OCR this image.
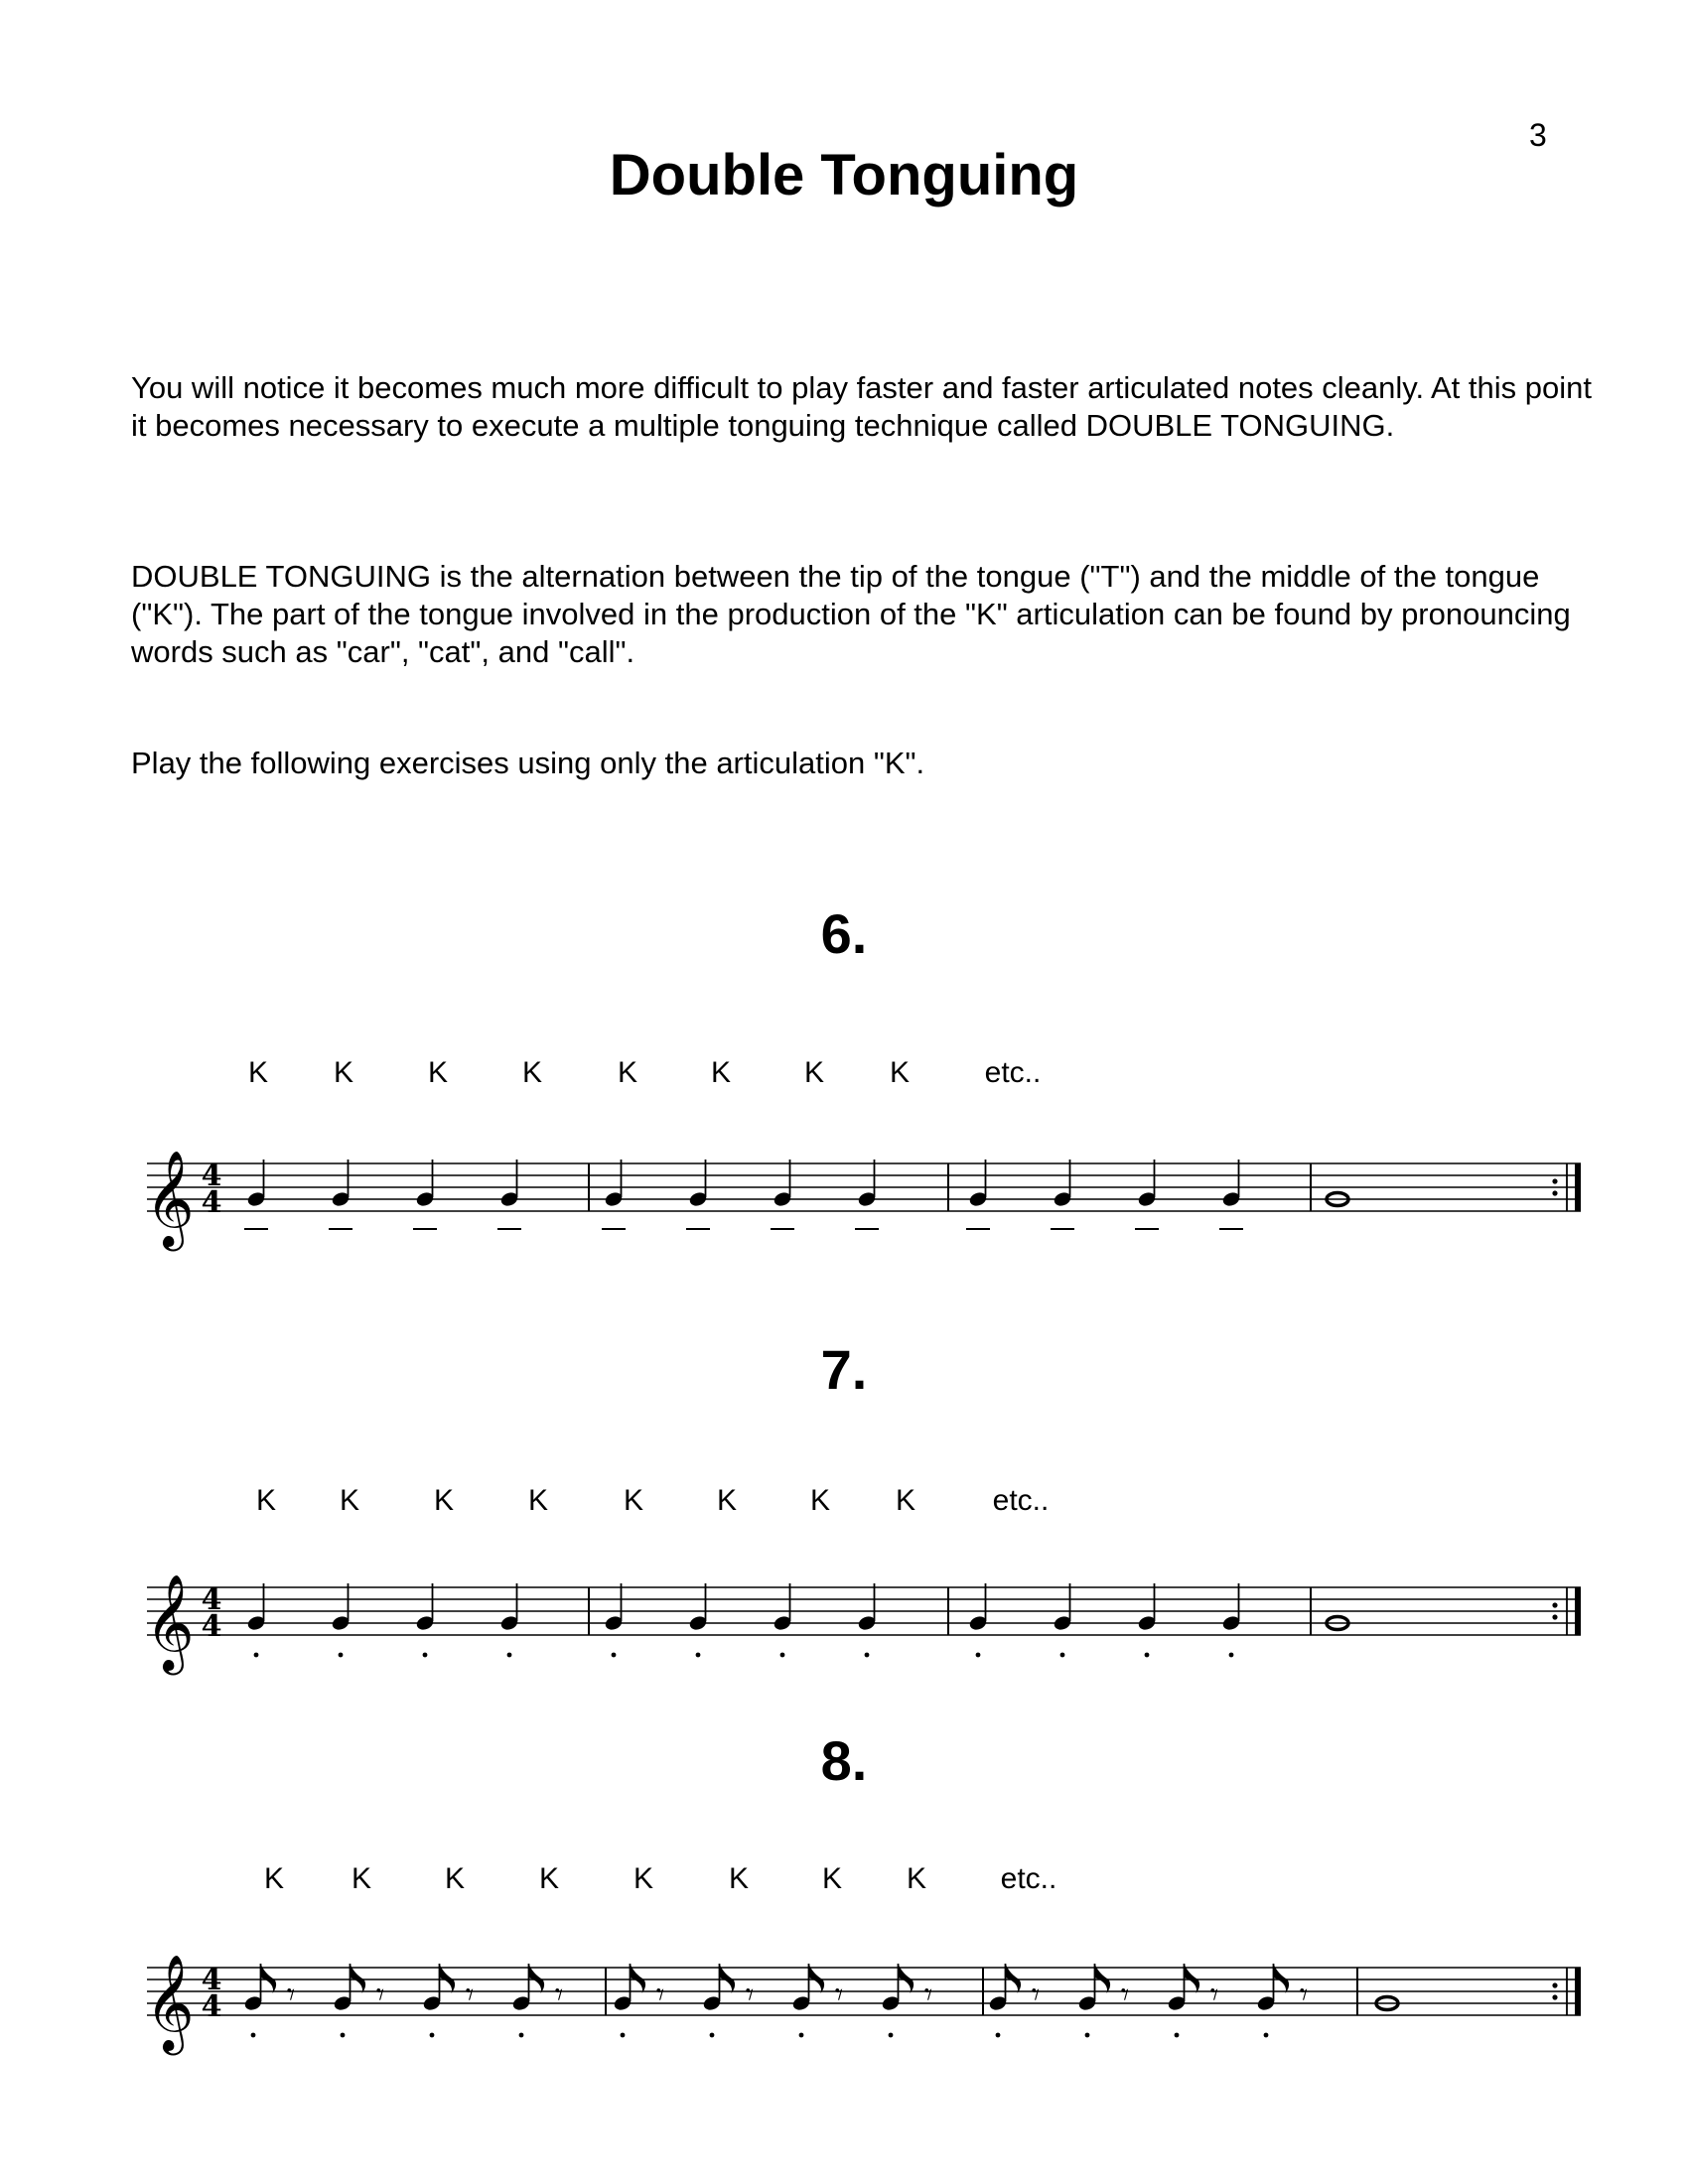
3
Double Tonguing

You will notice it becomes much more difficult to play faster and faster articulated notes cleanly. At this point it becomes necessary to execute a multiple tonguing technique called DOUBLE TONGUING.

DOUBLE TONGUING is the alternation between the tip of the tongue ("T") and the middle of the tongue ("K"). The part of the tongue involved in the production of the "K" articulation can be found by pronouncing words such as "car", "cat", and "call".

Play the following exercises using only the articulation "K".

6.
𝄞 4
4
K K K K	K K K K	etc..
7.
𝄞 4
4
K K K K	K K K K	etc..
8.
𝄞 4
4
K K K K K	K K K etc..
𝄾	𝄾	𝄾	𝄾	𝄾	𝄾	𝄾	𝄾	𝄾	𝄾	𝄾	𝄾
